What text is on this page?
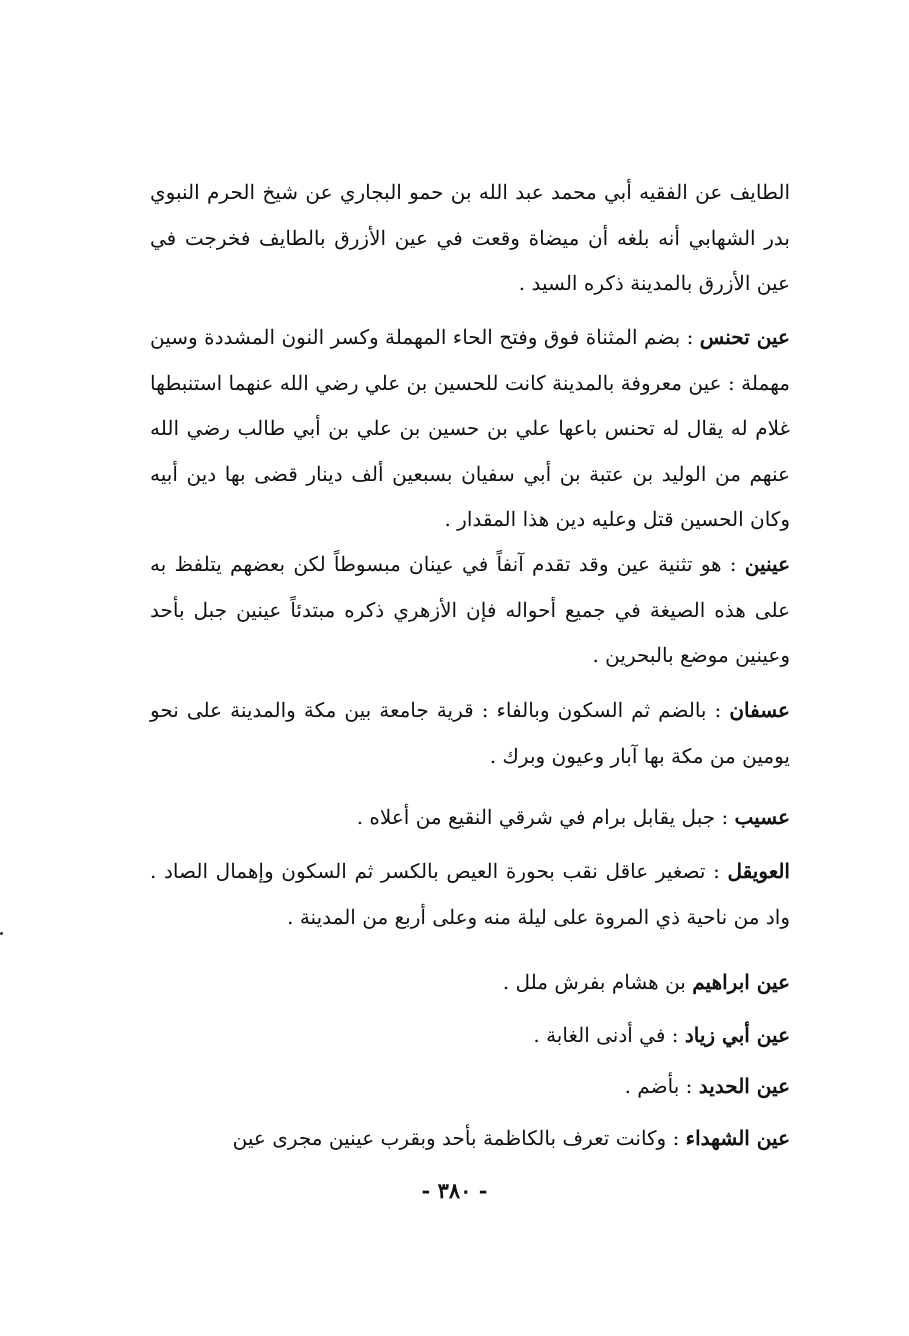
الطايف عن الفقيه أبي محمد عبد الله بن حمو البجاري عن شيخ الحرم النبوي بدر الشهابي أنه بلغه أن ميضاة وقعت في عين الأزرق بالطايف فخرجت في عين الأزرق بالمدينة ذكره السيد .

عين تحنس : بضم المثناة فوق وفتح الحاء المهملة وكسر النون المشددة وسين مهملة : عين معروفة بالمدينة كانت للحسين بن علي رضي الله عنهما استنبطها غلام له يقال له تحنس باعها علي بن حسين بن علي بن أبي طالب رضي الله عنهم من الوليد بن عتبة بن أبي سفيان بسبعين ألف دينار قضى بها دين أبيه وكان الحسين قتل وعليه دين هذا المقدار .

عينين : هو تثنية عين وقد تقدم آنفاً في عينان مبسوطاً لكن بعضهم يتلفظ به على هذه الصيغة في جميع أحواله فإن الأزهري ذكره مبتدئاً عينين جبل بأحد وعينين موضع بالبحرين .

عسفان : بالضم ثم السكون وبالفاء : قرية جامعة بين مكة والمدينة على نحو يومين من مكة بها آبار وعيون وبرك .

عسيب : جبل يقابل برام في شرقي النقيع من أعلاه .

العويقل : تصغير عاقل نقب بحورة العيص بالكسر ثم السكون وإهمال الصاد . واد من ناحية ذي المروة على ليلة منه وعلى أربع من المدينة .

عين ابراهيم بن هشام بفرش ملل .

عين أبي زياد : في أدنى الغابة .

عين الحديد : بأضم .

عين الشهداء : وكانت تعرف بالكاظمة بأحد وبقرب عينين مجرى عين

- ٣٨٠ -
